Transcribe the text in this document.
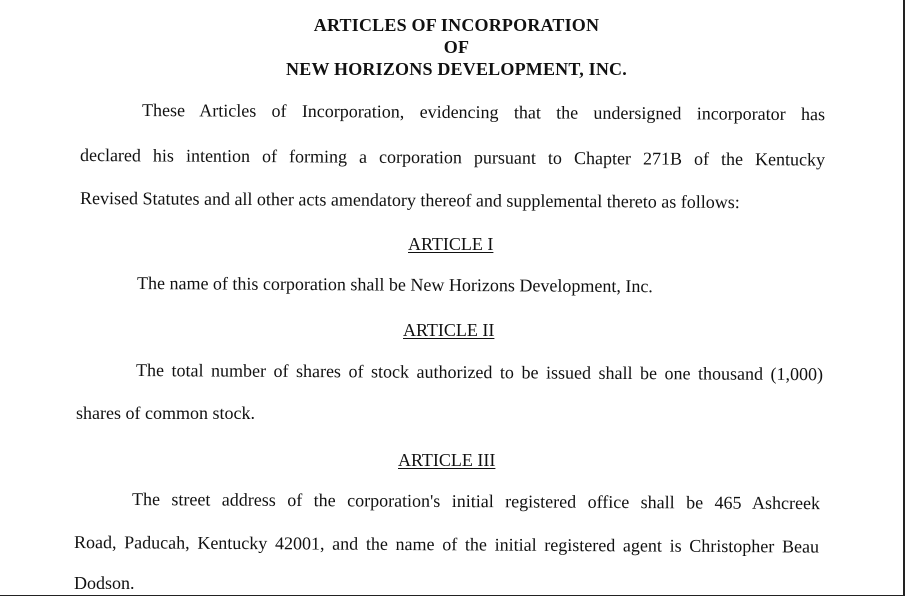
ARTICLES OF INCORPORATION
OF
NEW HORIZONS DEVELOPMENT, INC.
These Articles of Incorporation, evidencing that the undersigned incorporator has
declared his intention of forming a corporation pursuant to Chapter 271B of the Kentucky
Revised Statutes and all other acts amendatory thereof and supplemental thereto as follows:
ARTICLE I
The name of this corporation shall be New Horizons Development, Inc.
ARTICLE II
The total number of shares of stock authorized to be issued shall be one thousand (1,000)
shares of common stock.
ARTICLE III
The street address of the corporation's initial registered office shall be 465 Ashcreek
Road, Paducah, Kentucky 42001, and the name of the initial registered agent is Christopher Beau
Dodson.
